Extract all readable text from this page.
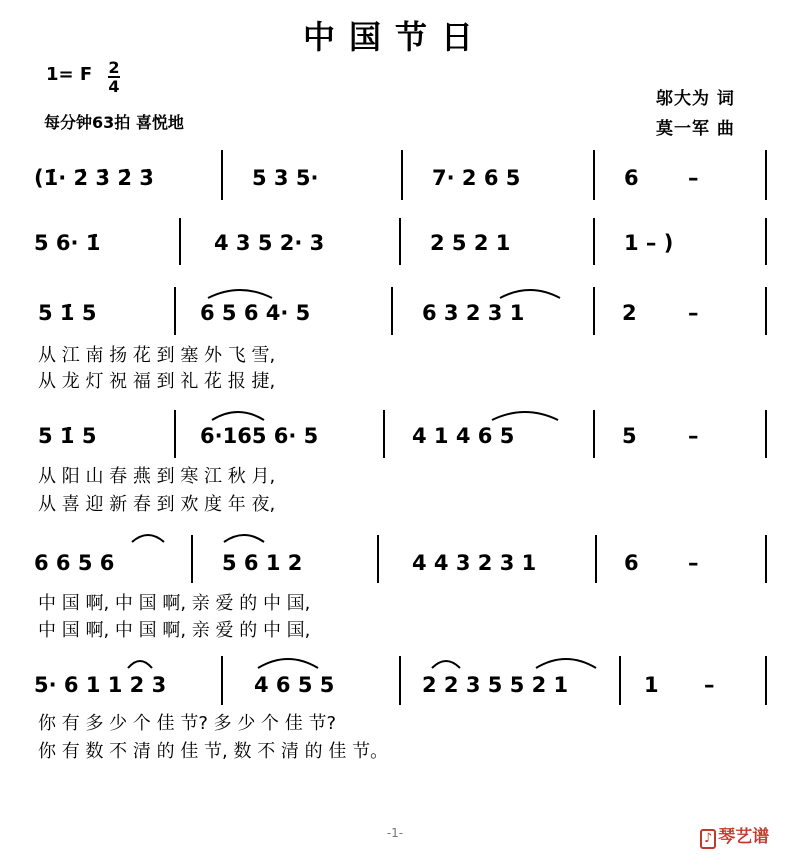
中国节日
1= F 2
4
每分钟63拍 喜悦地
邬大为 词
莫一军 曲
(1̇· 2̇ 3̇ 2̇ 3̇	5 3 5·	7· 2 6 5	6 –
5 6· 1̇	4 3 5 2· 3	2 5 2 1	1 – )
5 1̇ 5	6 5 6 4· 5	6 3 2 3 1	2 –
从 江 南 扬 花 到 塞 外 飞 雪,
从 龙 灯 祝 福 到 礼 花 报 捷,
5 1̇ 5	6·165 6· 5	4 1 4 6 5	5 –
从 阳 山 春 燕 到 寒 江 秋 月,
从 喜 迎 新 春 到 欢 度 年 夜,
6 6 5 6	5 6 1 2	4 4 3 2 3 1	6 –
中 国 啊, 中 国 啊, 亲 爱 的 中 国,
中 国 啊, 中 国 啊, 亲 爱 的 中 国,
5· 6 1 1 2 3	4 6 5 5	2 2 3 5 5 2 1	1 –
你 有 多 少 个 佳 节? 多 少 个 佳 节?
你 有 数 不 清 的 佳 节, 数 不 清 的 佳 节。
-1-	♪ 琴艺谱
